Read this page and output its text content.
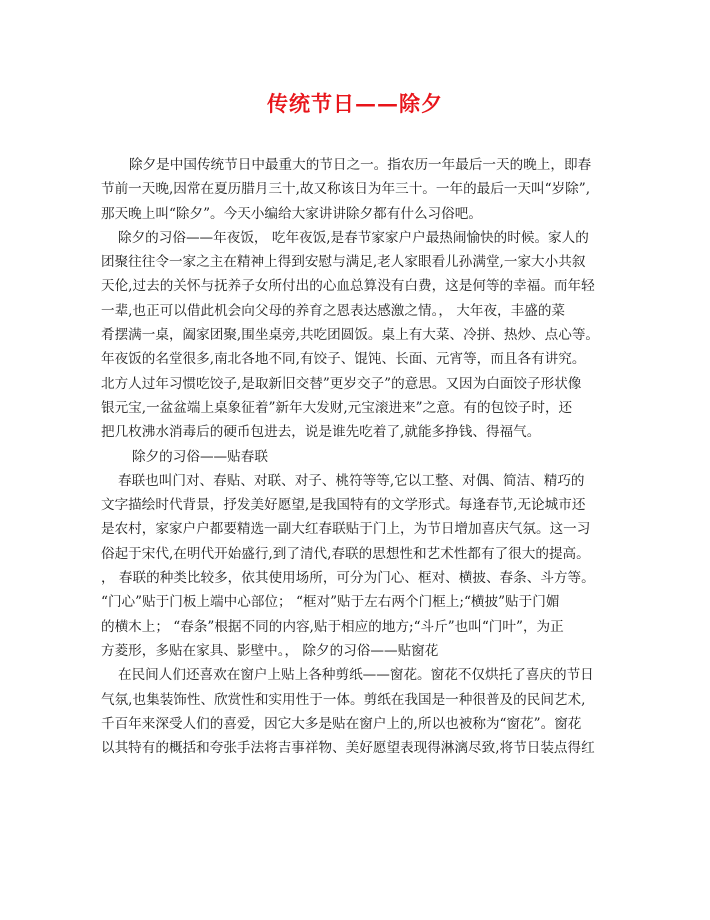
传统节日——除夕
除夕是中国传统节日中最重大的节日之一。指农历一年最后一天的晚上，即春
节前一天晚,因常在夏历腊月三十,故又称该日为年三十。一年的最后一天叫“岁除”,
那天晚上叫“除夕”。今天小编给大家讲讲除夕都有什么习俗吧。
除夕的习俗——年夜饭， 吃年夜饭,是春节家家户户最热闹愉快的时候。家人的
团聚往往令一家之主在精神上得到安慰与满足,老人家眼看儿孙满堂,一家大小共叙
天伦,过去的关怀与抚养子女所付出的心血总算没有白费，这是何等的幸福。而年轻
一辈,也正可以借此机会向父母的养育之恩表达感激之情。， 大年夜，丰盛的菜
肴摆满一桌，阖家团聚,围坐桌旁,共吃团圆饭。桌上有大菜、冷拼、热炒、点心等。
年夜饭的名堂很多,南北各地不同,有饺子、馄饨、长面、元宵等，而且各有讲究。
北方人过年习惯吃饺子,是取新旧交替”更岁交子”的意思。又因为白面饺子形状像
银元宝,一盆盆端上桌象征着”新年大发财,元宝滚进来”之意。有的包饺子时，还
把几枚沸水消毒后的硬币包进去，说是谁先吃着了,就能多挣钱、得福气。
除夕的习俗——贴春联
春联也叫门对、春贴、对联、对子、桃符等等,它以工整、对偶、简洁、精巧的
文字描绘时代背景，抒发美好愿望,是我国特有的文学形式。每逢春节,无论城市还
是农村，家家户户都要精选一副大红春联贴于门上，为节日增加喜庆气氛。这一习
俗起于宋代,在明代开始盛行,到了清代,春联的思想性和艺术性都有了很大的提高。
， 春联的种类比较多，依其使用场所，可分为门心、框对、横披、春条、斗方等。
“门心”贴于门板上端中心部位； “框对”贴于左右两个门框上;“横披”贴于门媚
的横木上； “春条”根据不同的内容,贴于相应的地方;“斗斤”也叫“门叶”，为正
方菱形，多贴在家具、影壁中。， 除夕的习俗——贴窗花
在民间人们还喜欢在窗户上贴上各种剪纸——窗花。窗花不仅烘托了喜庆的节日
气氛,也集装饰性、欣赏性和实用性于一体。剪纸在我国是一种很普及的民间艺术,
千百年来深受人们的喜爱，因它大多是贴在窗户上的,所以也被称为“窗花”。窗花
以其特有的概括和夸张手法将吉事祥物、美好愿望表现得淋漓尽致,将节日装点得红
